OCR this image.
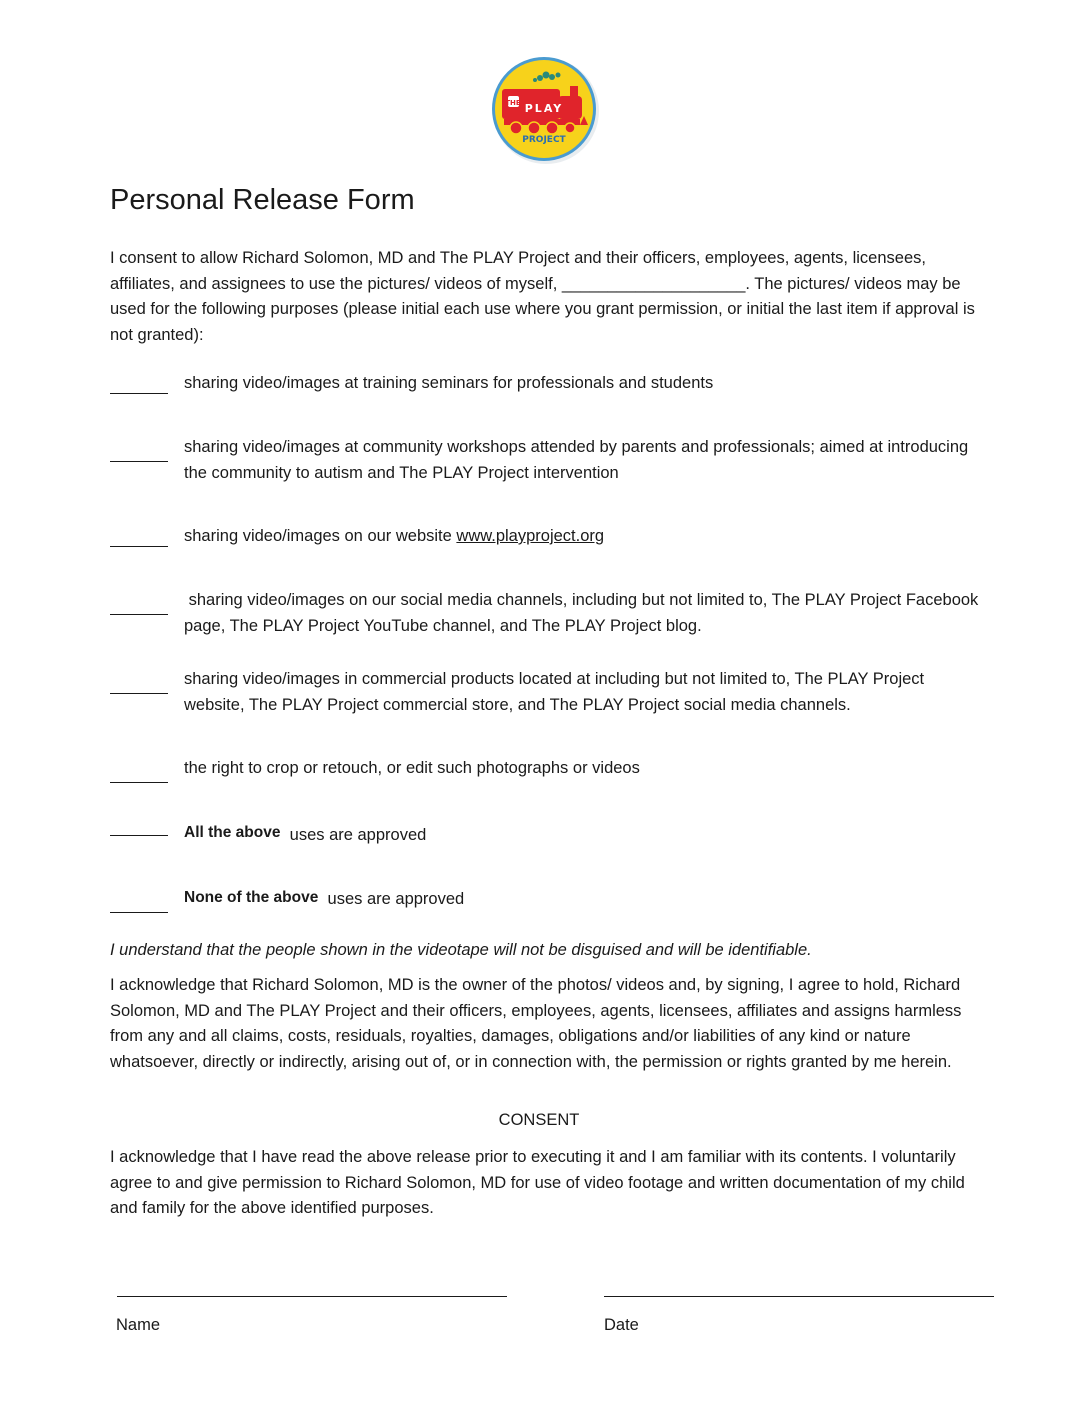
THE PLAY
PROJECT
Personal Release Form

I consent to allow Richard Solomon, MD and The PLAY Project and their officers, employees, agents, licensees, affiliates, and assignees to use the pictures/ videos of myself, ____________________. The pictures/ videos may be used for the following purposes (please initial each use where you grant permission, or initial the last item if approval is not granted):

sharing video/images at training seminars for professionals and students
sharing video/images at community workshops attended by parents and professionals; aimed at introducing the community to autism and The PLAY Project intervention
sharing video/images on our website www.playproject.org
sharing video/images on our social media channels, including but not limited to, The PLAY Project Facebook page, The PLAY Project YouTube channel, and The PLAY Project blog.
sharing video/images in commercial products located at including but not limited to, The PLAY Project website, The PLAY Project commercial store, and The PLAY Project social media channels.
the right to crop or retouch, or edit such photographs or videos
All the above uses are approved
None of the above uses are approved

I understand that the people shown in the videotape will not be disguised and will be identifiable.

I acknowledge that Richard Solomon, MD is the owner of the photos/ videos and, by signing, I agree to hold, Richard Solomon, MD and The PLAY Project and their officers, employees, agents, licensees, affiliates and assigns harmless from any and all claims, costs, residuals, royalties, damages, obligations and/or liabilities of any kind or nature whatsoever, directly or indirectly, arising out of, or in connection with, the permission or rights granted by me herein.

CONSENT

I acknowledge that I have read the above release prior to executing it and I am familiar with its contents. I voluntarily agree to and give permission to Richard Solomon, MD for use of video footage and written documentation of my child and family for the above identified purposes.

Name	Date
